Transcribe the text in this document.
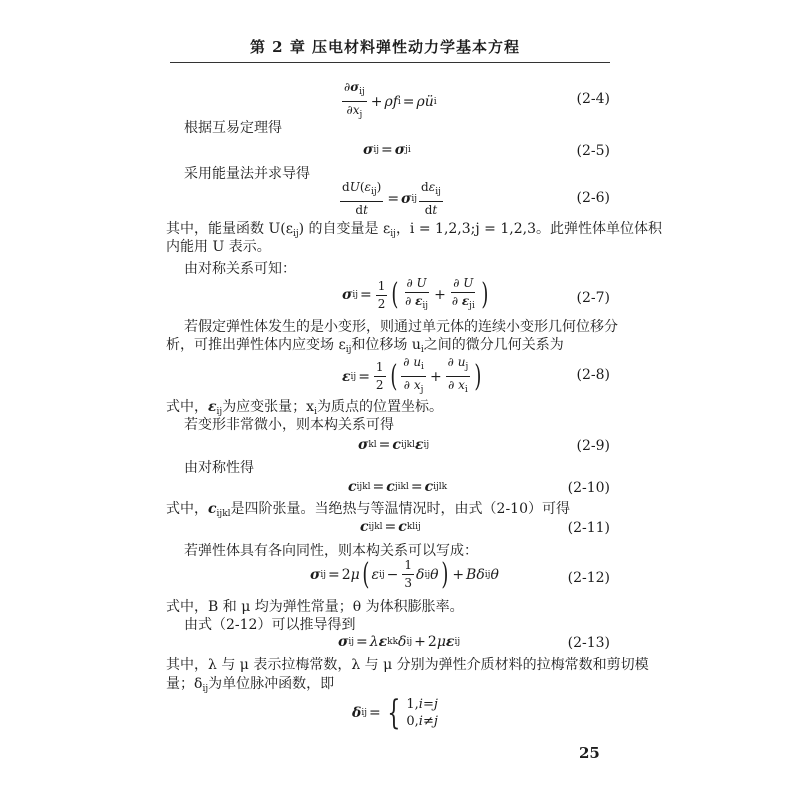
第 2 章 压电材料弹性动力学基本方程
$\frac{\partial\sigma_{ij}}{\partial x_j} + \rho f$ i = ρ ü i	(2-4)
根据互易定理得
σ ij = σ ji	(2-5)
采用能量法并求导得
$\frac{dU(\varepsilon_{ij})}{dt} = \sigma$ ij $\frac{d\varepsilon_{ij}}{dt}$	(2-6)
其中，能量函数 $U(\varepsilon_{ij})$ 的自变量是 $\varepsilon_{ij}$，i = 1,2,3;j = 1,2,3。此弹性体单位体积
内能用 U 表示。
由对称关系可知：
σ ij = $\frac{1}{2}$ ( $\frac{\partial U}{\partial \varepsilon_{ij}} + \frac{\partial U}{\partial \varepsilon_{ji}}$ )	(2-7)
若假定弹性体发生的是小变形，则通过单元体的连续小变形几何位移分
析，可推出弹性体内应变场 $\varepsilon_{ij}$和位移场 $u_i$之间的微分几何关系为
ε ij = $\frac{1}{2}$ ( $\frac{\partial u_i}{\partial x_j} + \frac{\partial u_j}{\partial x_i}$ )	(2-8)
式中，$\varepsilon_{ij}$为应变张量；$x_i$为质点的位置坐标。
若变形非常微小，则本构关系可得
σ kl = c ijkl ε ij	(2-9)
由对称性得
c ijkl = c jikl = c ijlk	(2-10)
式中，$c_{ijkl}$是四阶张量。当绝热与等温情况时，由式（2-10）可得
c ijkl = c klij	(2-11)
若弹性体具有各向同性，则本构关系可以写成：
σ ij = 2 μ ( ε ij − $\frac{1}{3}$ δ ij θ ) + Bδ ij θ	(2-12)
式中，B 和 μ 均为弹性常量；θ 为体积膨胀率。
由式（2-12）可以推导得到
σ ij = λ ε kk δ ij + 2 μ ε ij	(2-13)
其中，λ 与 μ 表示拉梅常数，λ 与 μ 分别为弹性介质材料的拉梅常数和剪切模
量；$\delta_{ij}$为单位脉冲函数，即
δ ij = { 1,i=j
0,i≠j
25
